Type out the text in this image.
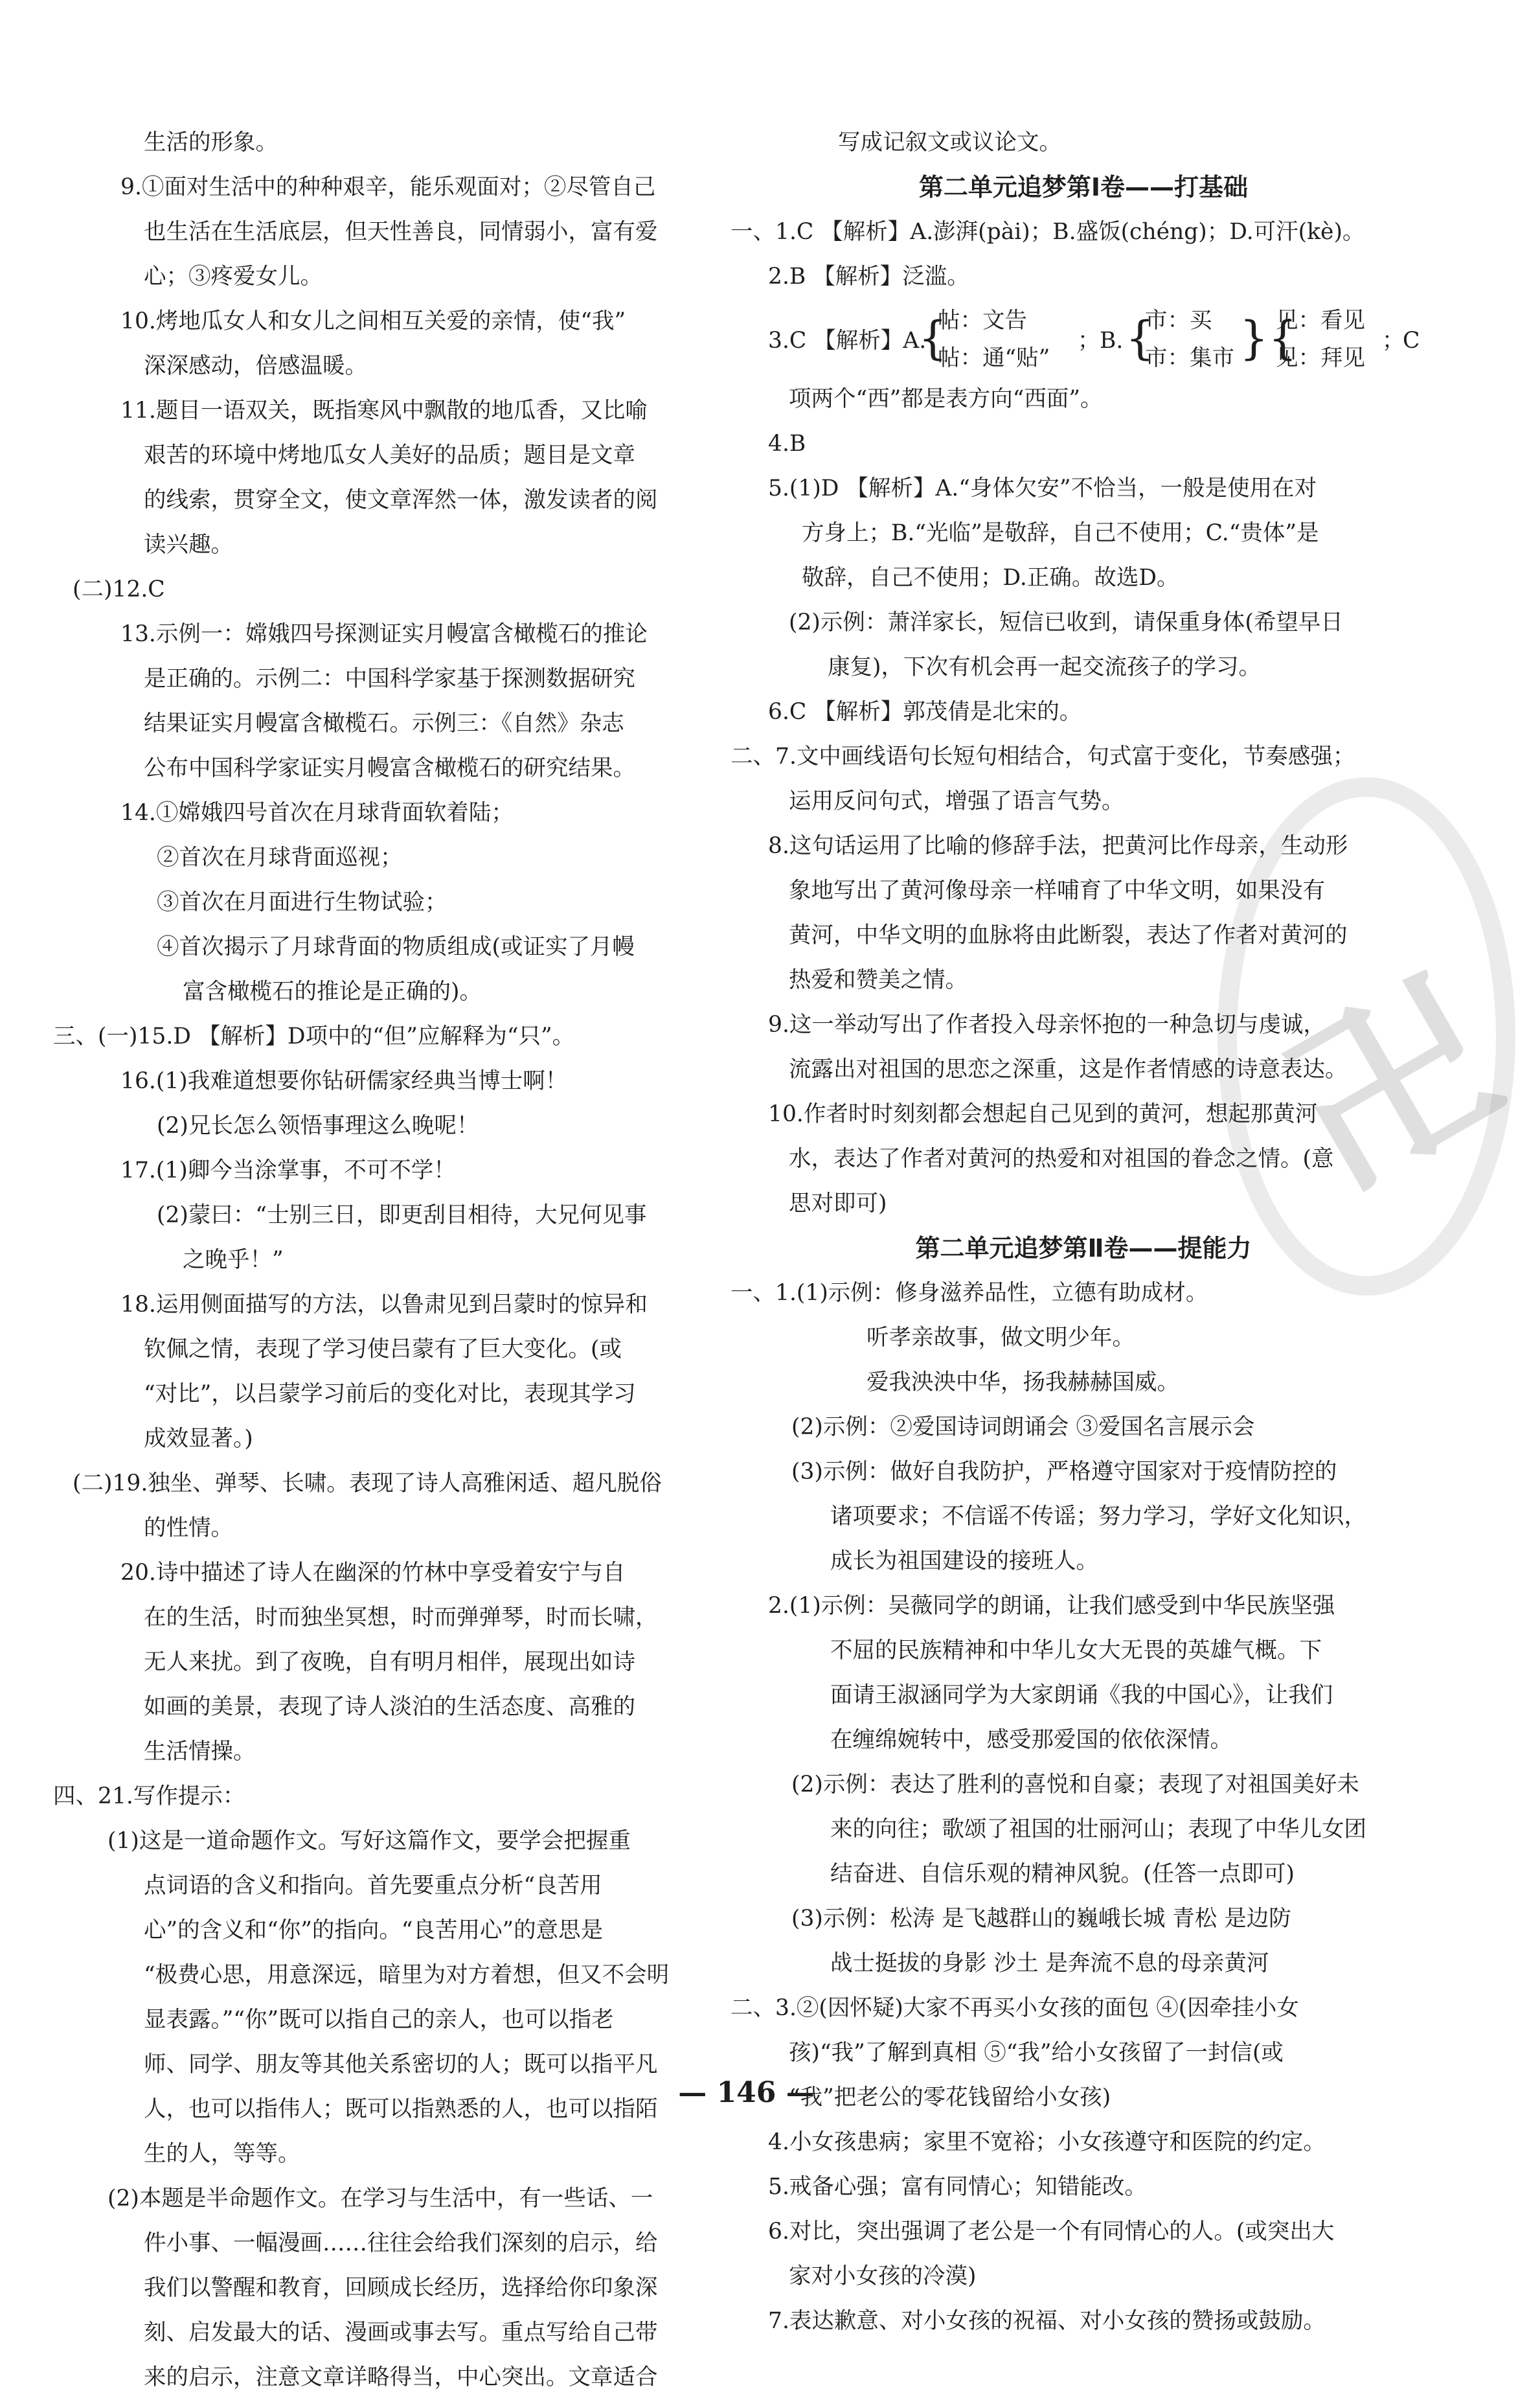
卍
生活的形象。
9.①面对生活中的种种艰辛，能乐观面对；②尽管自己
也生活在生活底层，但天性善良，同情弱小，富有爱
心；③疼爱女儿。
10.烤地瓜女人和女儿之间相互关爱的亲情，使“我”
深深感动，倍感温暖。
11.题目一语双关，既指寒风中飘散的地瓜香，又比喻
艰苦的环境中烤地瓜女人美好的品质；题目是文章
的线索，贯穿全文，使文章浑然一体，激发读者的阅
读兴趣。
(二)12.C
13.示例一：嫦娥四号探测证实月幔富含橄榄石的推论
是正确的。示例二：中国科学家基于探测数据研究
结果证实月幔富含橄榄石。示例三：《自然》杂志
公布中国科学家证实月幔富含橄榄石的研究结果。
14.①嫦娥四号首次在月球背面软着陆；
②首次在月球背面巡视；
③首次在月面进行生物试验；
④首次揭示了月球背面的物质组成(或证实了月幔
富含橄榄石的推论是正确的)。
三、(一)15.D 【解析】D项中的“但”应解释为“只”。
16.(1)我难道想要你钻研儒家经典当博士啊！
(2)兄长怎么领悟事理这么晚呢！
17.(1)卿今当涂掌事，不可不学！
(2)蒙曰：“士别三日，即更刮目相待，大兄何见事
之晚乎！”
18.运用侧面描写的方法，以鲁肃见到吕蒙时的惊异和
钦佩之情，表现了学习使吕蒙有了巨大变化。(或
“对比”，以吕蒙学习前后的变化对比，表现其学习
成效显著。)
(二)19.独坐、弹琴、长啸。表现了诗人高雅闲适、超凡脱俗
的性情。
20.诗中描述了诗人在幽深的竹林中享受着安宁与自
在的生活，时而独坐冥想，时而弹弹琴，时而长啸，
无人来扰。到了夜晚，自有明月相伴，展现出如诗
如画的美景，表现了诗人淡泊的生活态度、高雅的
生活情操。
四、21.写作提示：
(1)这是一道命题作文。写好这篇作文，要学会把握重
点词语的含义和指向。首先要重点分析“良苦用
心”的含义和“你”的指向。“良苦用心”的意思是
“极费心思，用意深远，暗里为对方着想，但又不会明
显表露。”“你”既可以指自己的亲人，也可以指老
师、同学、朋友等其他关系密切的人；既可以指平凡
人，也可以指伟人；既可以指熟悉的人，也可以指陌
生的人，等等。
(2)本题是半命题作文。在学习与生活中，有一些话、一
件小事、一幅漫画……往往会给我们深刻的启示，给
我们以警醒和教育，回顾成长经历，选择给你印象深
刻、启发最大的话、漫画或事去写。重点写给自己带
来的启示，注意文章详略得当，中心突出。文章适合
写成记叙文或议论文。
第二单元追梦第Ⅰ卷——打基础
一、1.C 【解析】A.澎湃(pài)；B.盛饭(chéng)；D.可汗(kè)。
2.B 【解析】泛滥。
3.C 【解析】A.
{
帖：文告
帖：通“贴”
； B. {
市：买
市：集市 }{
见：看见
见：拜见
；
C
项两个“西”都是表方向“西面”。
4.B
5.(1)D 【解析】A.“身体欠安”不恰当，一般是使用在对
方身上；B.“光临”是敬辞，自己不使用；C.“贵体”是
敬辞，自己不使用；D.正确。故选D。
(2)示例：萧洋家长，短信已收到，请保重身体(希望早日
康复)，下次有机会再一起交流孩子的学习。
6.C 【解析】郭茂倩是北宋的。
二、7.文中画线语句长短句相结合，句式富于变化，节奏感强；
运用反问句式，增强了语言气势。
8.这句话运用了比喻的修辞手法，把黄河比作母亲，生动形
象地写出了黄河像母亲一样哺育了中华文明，如果没有
黄河，中华文明的血脉将由此断裂，表达了作者对黄河的
热爱和赞美之情。
9.这一举动写出了作者投入母亲怀抱的一种急切与虔诚，
流露出对祖国的思恋之深重，这是作者情感的诗意表达。
10.作者时时刻刻都会想起自己见到的黄河，想起那黄河
水，表达了作者对黄河的热爱和对祖国的眷念之情。(意
思对即可)
第二单元追梦第Ⅱ卷——提能力
一、1.(1)示例：修身滋养品性，立德有助成材。
听孝亲故事，做文明少年。
爱我泱泱中华，扬我赫赫国威。
(2)示例：②爱国诗词朗诵会 ③爱国名言展示会
(3)示例：做好自我防护，严格遵守国家对于疫情防控的
诸项要求；不信谣不传谣；努力学习，学好文化知识，
成长为祖国建设的接班人。
2.(1)示例：吴薇同学的朗诵，让我们感受到中华民族坚强
不屈的民族精神和中华儿女大无畏的英雄气概。下
面请王淑涵同学为大家朗诵《我的中国心》，让我们
在缠绵婉转中，感受那爱国的依依深情。
(2)示例：表达了胜利的喜悦和自豪；表现了对祖国美好未
来的向往；歌颂了祖国的壮丽河山；表现了中华儿女团
结奋进、自信乐观的精神风貌。(任答一点即可)
(3)示例：松涛 是飞越群山的巍峨长城 青松 是边防
战士挺拔的身影 沙土 是奔流不息的母亲黄河
二、3.②(因怀疑)大家不再买小女孩的面包 ④(因牵挂小女
孩)“我”了解到真相 ⑤“我”给小女孩留了一封信(或
“我”把老公的零花钱留给小女孩)
4.小女孩患病；家里不宽裕；小女孩遵守和医院的约定。
5.戒备心强；富有同情心；知错能改。
6.对比，突出强调了老公是一个有同情心的人。(或突出大
家对小女孩的冷漠)
7.表达歉意、对小女孩的祝福、对小女孩的赞扬或鼓励。
— 146 —
